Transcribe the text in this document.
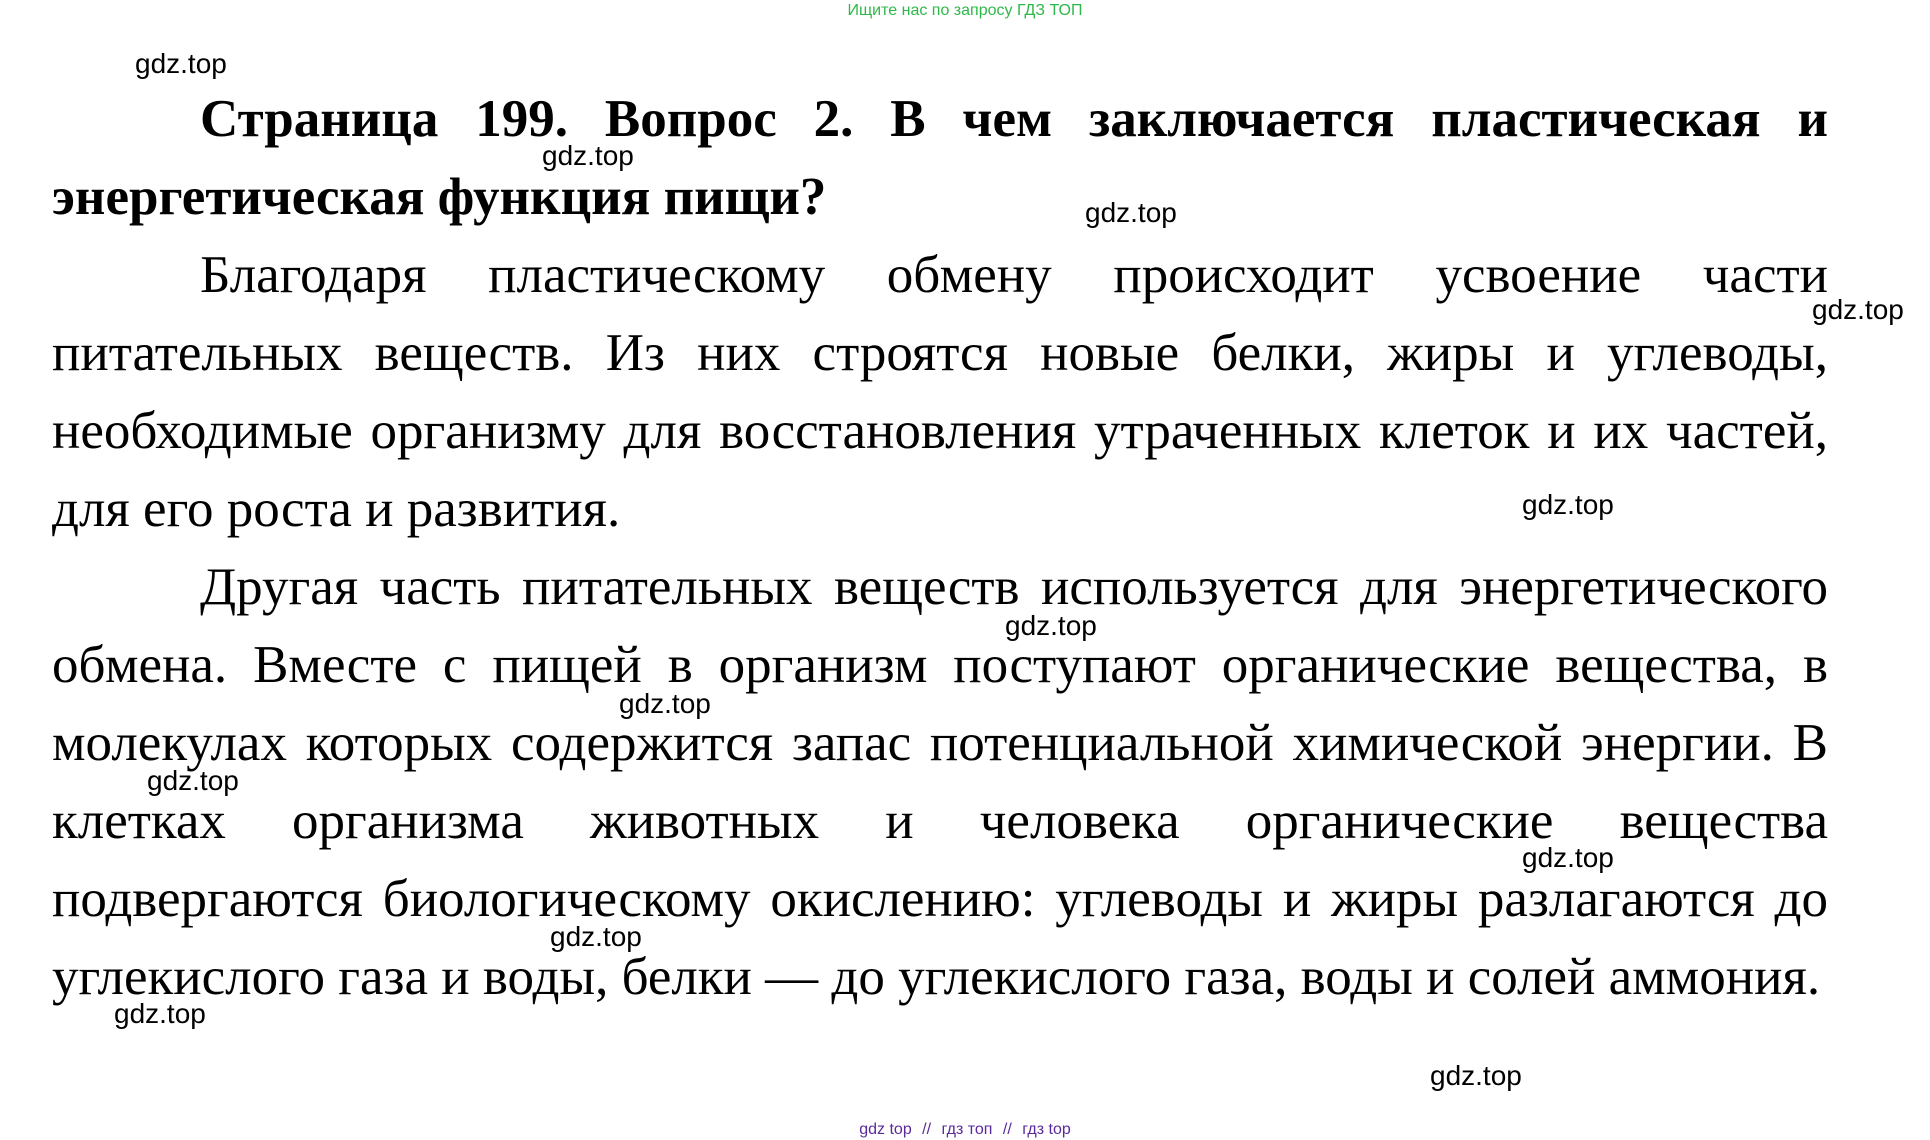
Ищите нас по запросу ГДЗ ТОП
Страница 199. Вопрос 2. В чем заключается пластическая и энергетическая функция пищи?

Благодаря пластическому обмену происходит усвоение части питательных веществ. Из них строятся новые белки, жиры и углеводы, необходимые организму для восстановления утраченных клеток и их частей, для его роста и развития.

Другая часть питательных веществ используется для энергетического обмена. Вместе с пищей в организм поступают органические вещества, в молекулах которых содержится запас потенциальной химической энергии. В клетках организма животных и человека органические вещества подвергаются биологическому окислению: углеводы и жиры разлагаются до углекислого газа и воды, белки — до углекислого газа, воды и солей аммония.

gdz.top
gdz.top
gdz.top
gdz.top
gdz.top
gdz.top
gdz.top
gdz.top
gdz.top
gdz.top
gdz.top
gdz.top
gdz top // гдз топ // гдз top
